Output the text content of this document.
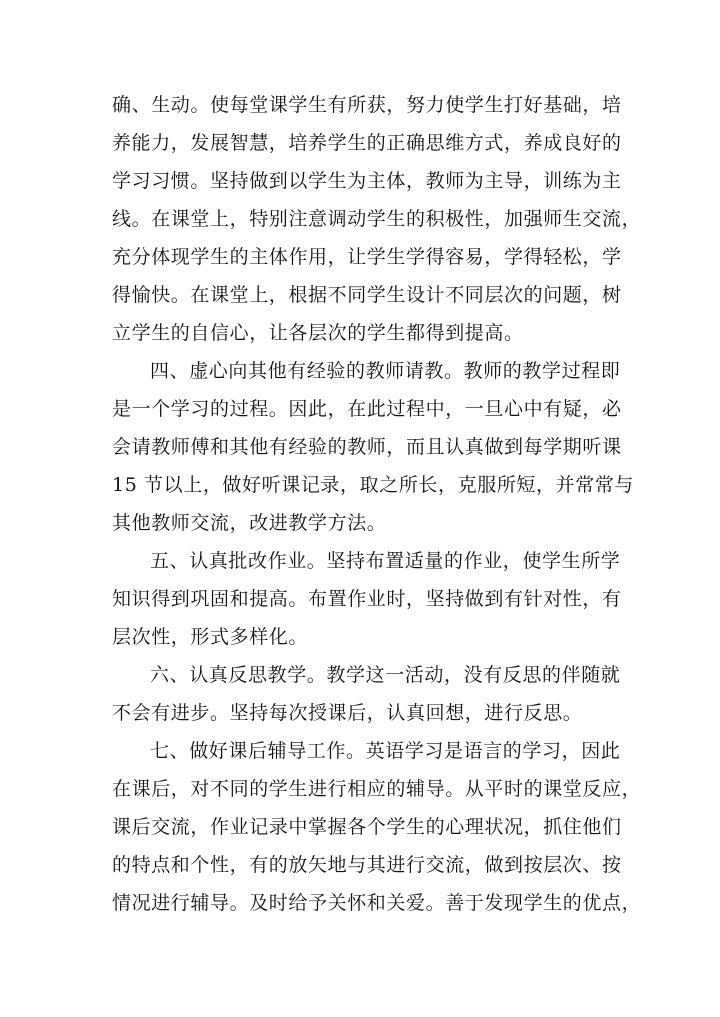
确、生动。使每堂课学生有所获，努力使学生打好基础，培
养能力，发展智慧，培养学生的正确思维方式，养成良好的
学习习惯。坚持做到以学生为主体，教师为主导，训练为主
线。在课堂上，特别注意调动学生的积极性，加强师生交流，
充分体现学生的主体作用，让学生学得容易，学得轻松，学
得愉快。在课堂上，根据不同学生设计不同层次的问题，树
立学生的自信心，让各层次的学生都得到提高。

四、虚心向其他有经验的教师请教。教师的教学过程即
是一个学习的过程。因此，在此过程中，一旦心中有疑，必
会请教师傅和其他有经验的教师，而且认真做到每学期听课
15 节以上，做好听课记录，取之所长，克服所短，并常常与
其他教师交流，改进教学方法。

五、认真批改作业。坚持布置适量的作业，使学生所学
知识得到巩固和提高。布置作业时，坚持做到有针对性，有
层次性，形式多样化。

六、认真反思教学。教学这一活动，没有反思的伴随就
不会有进步。坚持每次授课后，认真回想，进行反思。

七、做好课后辅导工作。英语学习是语言的学习，因此
在课后，对不同的学生进行相应的辅导。从平时的课堂反应，
课后交流，作业记录中掌握各个学生的心理状况，抓住他们
的特点和个性，有的放矢地与其进行交流，做到按层次、按
情况进行辅导。及时给予关怀和关爱。善于发现学生的优点，
